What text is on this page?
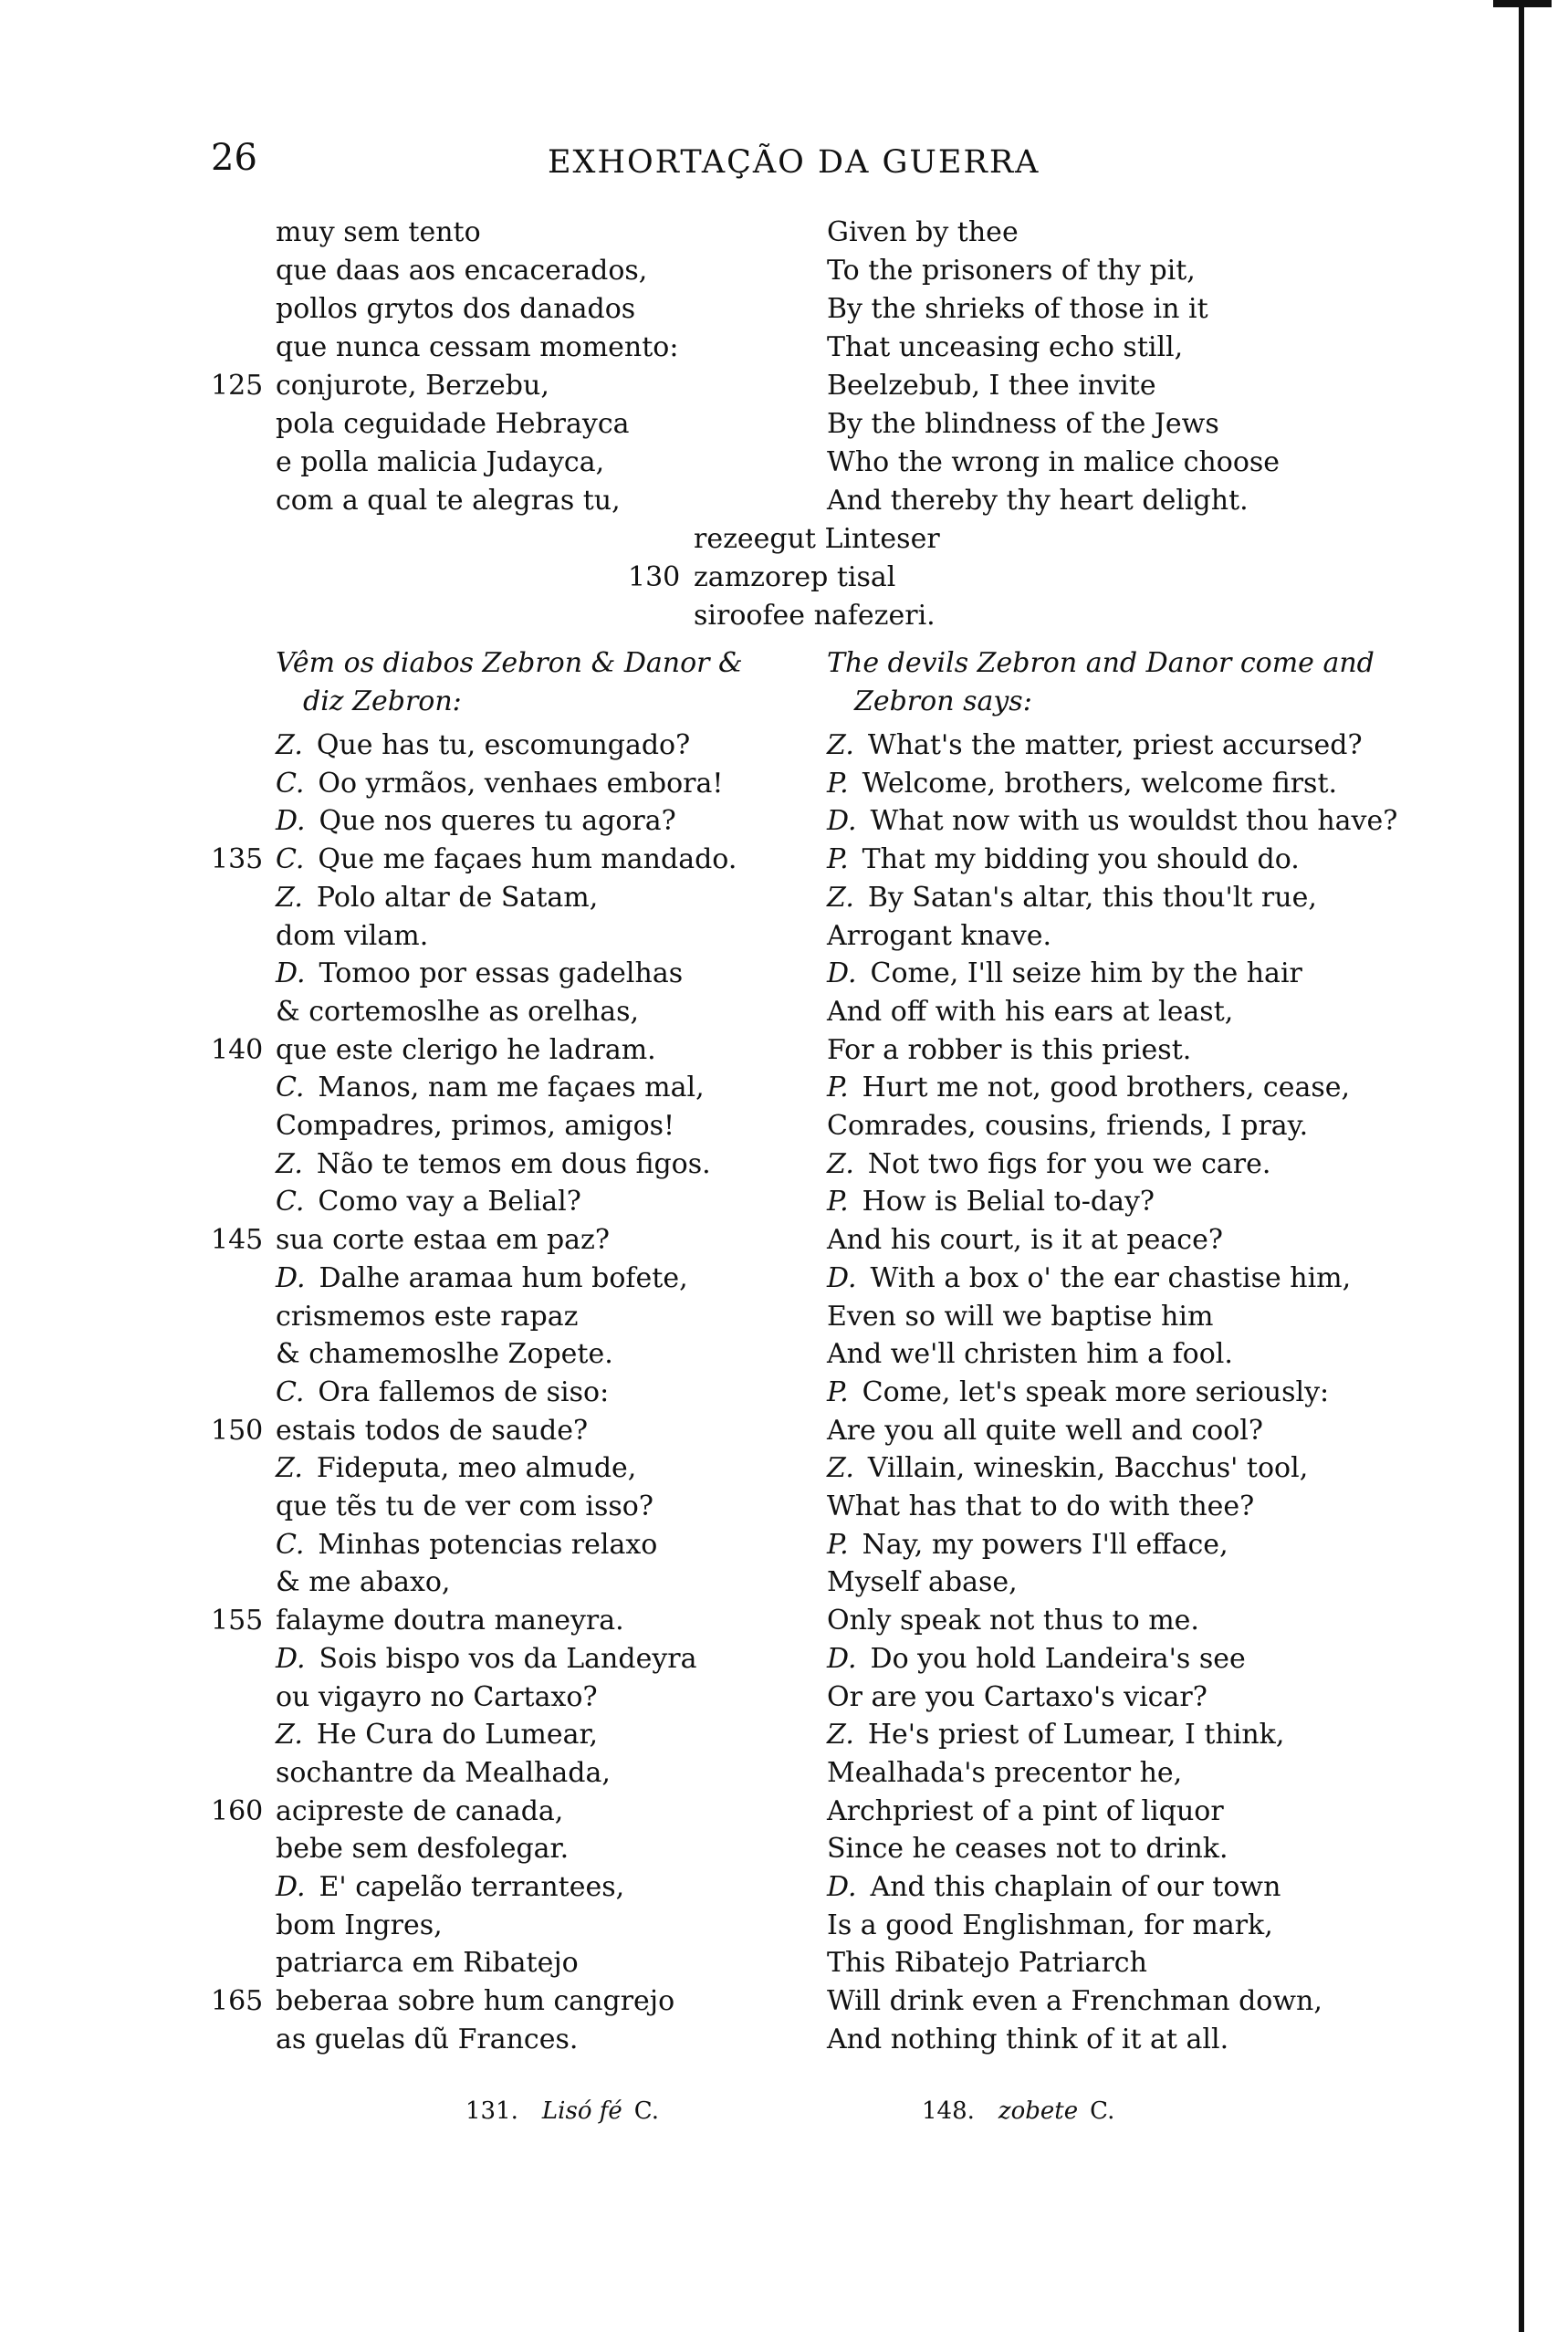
26	EXHORTAÇÃO DA GUERRA
muy sem tento
que daas aos encacerados,
pollos grytos dos danados
que nunca cessam momento:
conjurote, Berzebu,
pola ceguidade Hebrayca
e polla malicia Judayca,
com a qual te alegras tu,
Given by thee
To the prisoners of thy pit,
By the shrieks of those in it
That unceasing echo still,
Beelzebub, I thee invite
By the blindness of the Jews
Who the wrong in malice choose
And thereby thy heart delight.
125
rezeegut Linteser
zamzorep tisal
siroofee nafezeri.
130
Vêm os diabos Zebron & Danor &
diz Zebron:
The devils Zebron and Danor come and
Zebron says:
Z.  Que has tu, escomungado?
C.  Oo yrmãos, venhaes embora!
D.  Que nos queres tu agora?
C.  Que me façaes hum mandado.
Z.  Polo altar de Satam,
dom vilam.
D.  Tomoo por essas gadelhas
& cortemoslhe as orelhas,
que este clerigo he ladram.
C.  Manos, nam me façaes mal,
Compadres, primos, amigos!
Z.  Não te temos em dous figos.
C.  Como vay a Belial?
sua corte estaa em paz?
D.  Dalhe aramaa hum bofete,
crismemos este rapaz
& chamemoslhe Zopete.
C.  Ora fallemos de siso:
estais todos de saude?
Z.  Fideputa, meo almude,
que tẽs tu de ver com isso?
C.  Minhas potencias relaxo
& me abaxo,
falayme doutra maneyra.
D.  Sois bispo vos da Landeyra
ou vigayro no Cartaxo?
Z.  He Cura do Lumear,
sochantre da Mealhada,
acipreste de canada,
bebe sem desfolegar.
D.  E' capelão terrantees,
bom Ingres,
patriarca em Ribatejo
beberaa sobre hum cangrejo
as guelas dũ Frances.
Z.  What's the matter, priest accursed?
P.  Welcome, brothers, welcome first.
D.  What now with us wouldst thou have?
P.  That my bidding you should do.
Z.  By Satan's altar, this thou'lt rue,
Arrogant knave.
D.  Come, I'll seize him by the hair
And off with his ears at least,
For a robber is this priest.
P.  Hurt me not, good brothers, cease,
Comrades, cousins, friends, I pray.
Z.  Not two figs for you we care.
P.  How is Belial to-day?
And his court, is it at peace?
D.  With a box o' the ear chastise him,
Even so will we baptise him
And we'll christen him a fool.
P.  Come, let's speak more seriously:
Are you all quite well and cool?
Z.  Villain, wineskin, Bacchus' tool,
What has that to do with thee?
P.  Nay, my powers I'll efface,
Myself abase,
Only speak not thus to me.
D.  Do you hold Landeira's see
Or are you Cartaxo's vicar?
Z.  He's priest of Lumear, I think,
Mealhada's precentor he,
Archpriest of a pint of liquor
Since he ceases not to drink.
D.  And this chaplain of our town
Is a good Englishman, for mark,
This Ribatejo Patriarch
Will drink even a Frenchman down,
And nothing think of it at all.
135
140
145
150
155
160
165
131.  Lisó fé  C.	148.  zobete  C.
